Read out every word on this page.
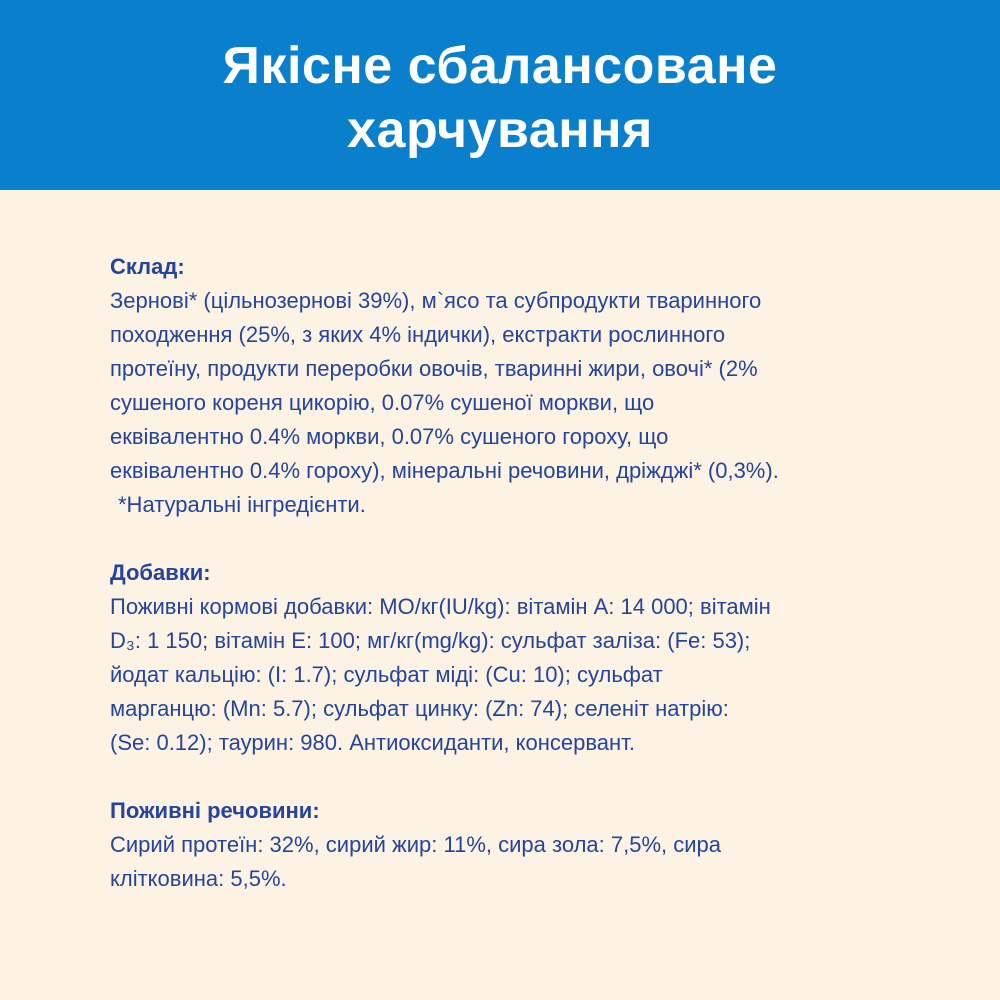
Якісне сбалансоване
харчування
Склад:
Зернові* (цільнозернові 39%), м`ясо та субпродукти тваринного
походження (25%, з яких 4% індички), екстракти рослинного
протеїну, продукти переробки овочів, тваринні жири, овочі* (2%
сушеного кореня цикорію, 0.07% сушеної моркви, що
еквівалентно 0.4% моркви, 0.07% сушеного гороху, що
еквівалентно 0.4% гороху), мінеральні речовини, дріжджі* (0,3%).
*Натуральні інгредієнти.
Добавки:
Поживні кормові добавки: МО/кг(IU/kg): вітамін А: 14 000; вітамін
D₃: 1 150; вітамін Е: 100; мг/кг(mg/kg): сульфат заліза: (Fe: 53);
йодат кальцію: (I: 1.7); сульфат міді: (Cu: 10); сульфат
марганцю: (Mn: 5.7); сульфат цинку: (Zn: 74); селеніт натрію:
(Se: 0.12); таурин: 980. Антиоксиданти, консервант.
Поживні речовини:
Сирий протеїн: 32%, сирий жир: 11%, сира зола: 7,5%, сира
клітковина: 5,5%.
